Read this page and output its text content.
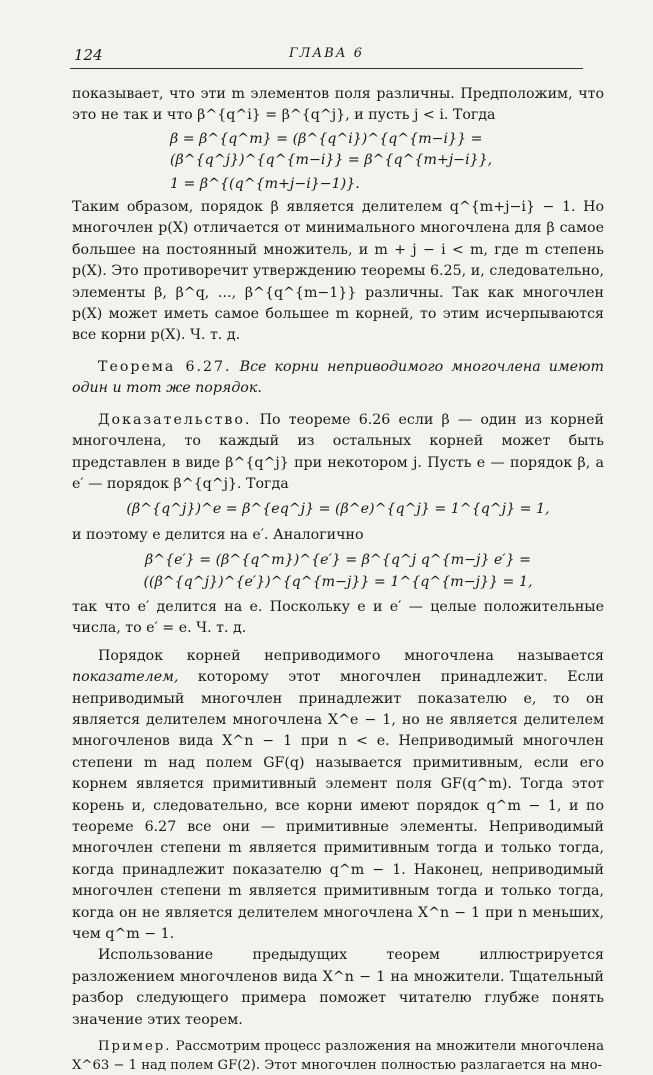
124	ГЛАВА 6

показывает, что эти m элементов поля различны. Предположим, что это не так и что β^{q^i} = β^{q^j}, и пусть j < i. Тогда

β = β^{q^m} = (β^{q^i})^{q^{m−i}} = (β^{q^j})^{q^{m−i}} = β^{q^{m+j−i}},
1 = β^{(q^{m+j−i}−1)}.

Таким образом, порядок β является делителем q^{m+j−i} − 1. Но многочлен p(X) отличается от минимального многочлена для β самое большее на постоянный множитель, и m + j − i < m, где m степень p(X). Это противоречит утверждению теоремы 6.25, и, следовательно, элементы β, β^q, ..., β^{q^{m−1}} различны. Так как многочлен p(X) может иметь самое большее m корней, то этим исчерпываются все корни p(X). Ч. т. д.

Теорема 6.27. Все корни неприводимого многочлена имеют один и тот же порядок.

Доказательство. По теореме 6.26 если β — один из корней многочлена, то каждый из остальных корней может быть представлен в виде β^{q^j} при некотором j. Пусть e — порядок β, а e′ — порядок β^{q^j}. Тогда

(β^{q^j})^e = β^{eq^j} = (β^e)^{q^j} = 1^{q^j} = 1,

и поэтому e делится на e′. Аналогично

β^{e′} = (β^{q^m})^{e′} = β^{q^j q^{m−j} e′} = ((β^{q^j})^{e′})^{q^{m−j}} = 1^{q^{m−j}} = 1,

так что e′ делится на e. Поскольку e и e′ — целые положительные числа, то e′ = e. Ч. т. д.

Порядок корней неприводимого многочлена называется показателем, которому этот многочлен принадлежит. Если неприводимый многочлен принадлежит показателю e, то он является делителем многочлена X^e − 1, но не является делителем многочленов вида X^n − 1 при n < e. Неприводимый многочлен степени m над полем GF(q) называется примитивным, если его корнем является примитивный элемент поля GF(q^m). Тогда этот корень и, следовательно, все корни имеют порядок q^m − 1, и по теореме 6.27 все они — примитивные элементы. Неприводимый многочлен степени m является примитивным тогда и только тогда, когда принадлежит показателю q^m − 1. Наконец, неприводимый многочлен степени m является примитивным тогда и только тогда, когда он не является делителем многочлена X^n − 1 при n меньших, чем q^m − 1.

Использование предыдущих теорем иллюстрируется разложением многочленов вида X^n − 1 на множители. Тщательный разбор следующего примера поможет читателю глубже понять значение этих теорем.

Пример. Рассмотрим процесс разложения на множители многочлена X^63 − 1 над полем GF(2). Этот многочлен полностью разлагается на мно-
